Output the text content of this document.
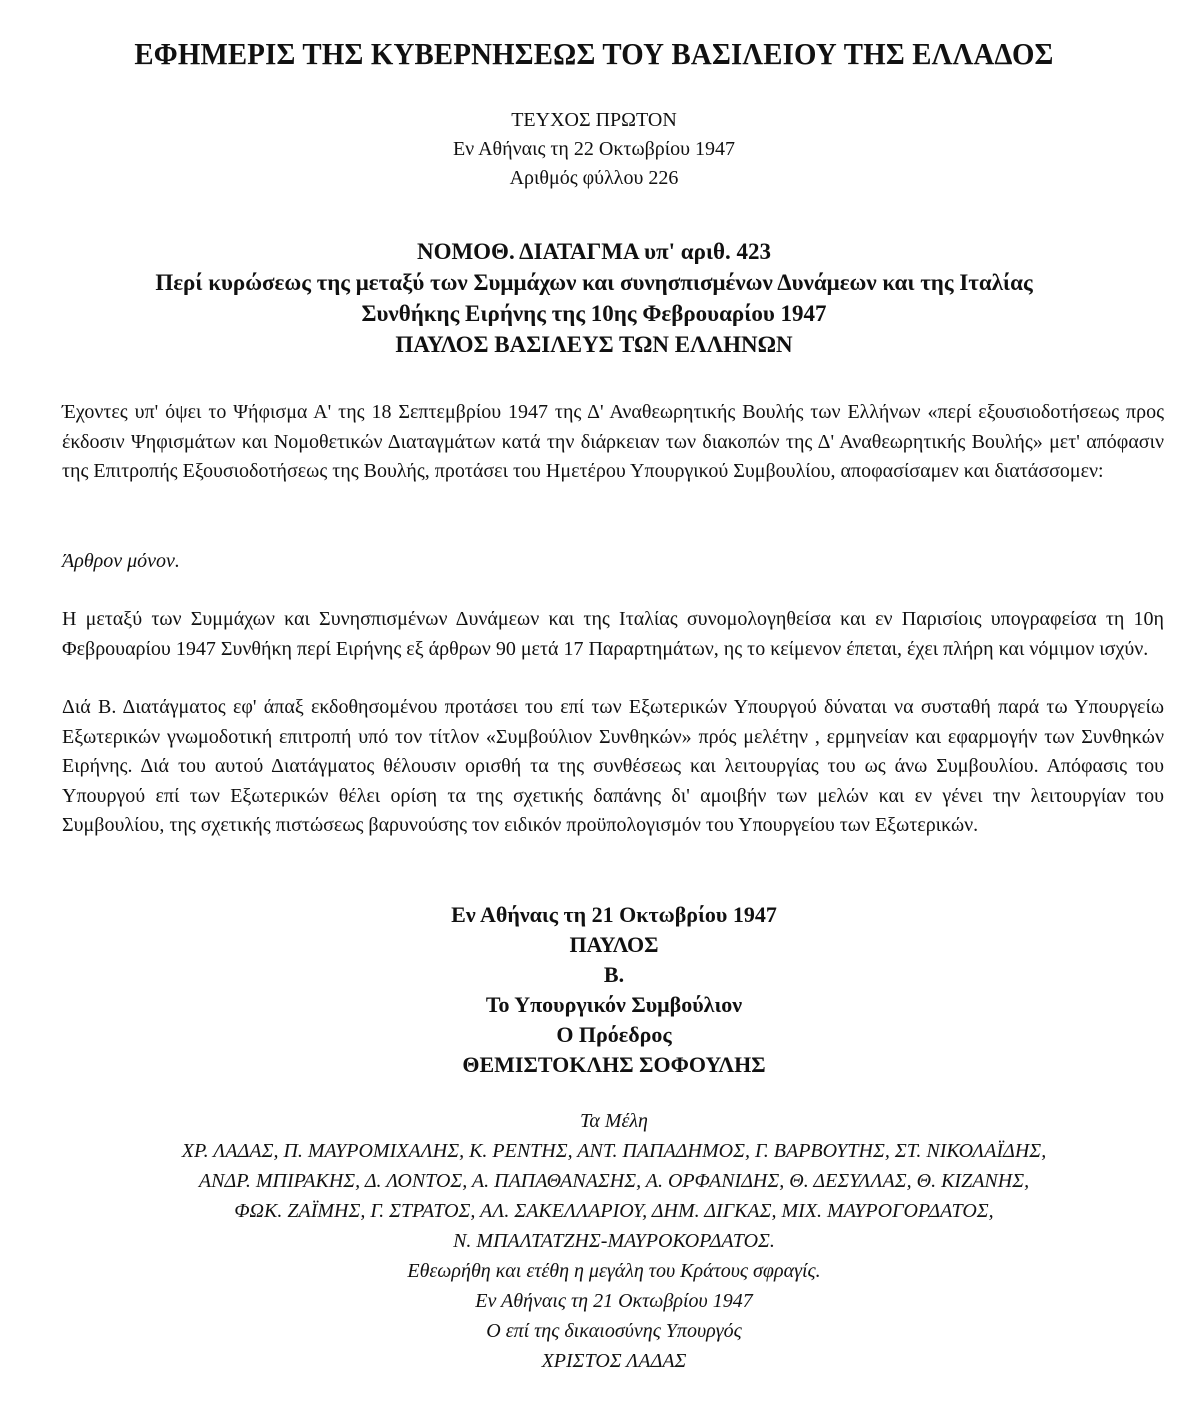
ΕΦΗΜΕΡΙΣ ΤΗΣ ΚΥΒΕΡΝΗΣΕΩΣ ΤΟΥ ΒΑΣΙΛΕΙΟΥ ΤΗΣ ΕΛΛΑΔΟΣ
ΤΕΥΧΟΣ ΠΡΩΤΟΝ
Εν Αθήναις τη 22 Οκτωβρίου 1947
Αριθμός φύλλου 226
ΝΟΜΟΘ. ΔΙΑΤΑΓΜΑ υπ' αριθ. 423
Περί κυρώσεως της μεταξύ των Συμμάχων και συνησπισμένων Δυνάμεων και της Ιταλίας
Συνθήκης Ειρήνης της 10ης Φεβρουαρίου 1947
ΠΑΥΛΟΣ ΒΑΣΙΛΕΥΣ ΤΩΝ ΕΛΛΗΝΩΝ

Έχοντες υπ' όψει το Ψήφισμα Α' της 18 Σεπτεμβρίου 1947 της Δ' Αναθεωρητικής Βουλής των Ελλήνων «περί εξουσιοδοτήσεως προς έκδοσιν Ψηφισμάτων και Νομοθετικών Διαταγμάτων κατά την διάρκειαν των διακοπών της Δ' Αναθεωρητικής Βουλής» μετ' απόφασιν της Επιτροπής Εξουσιοδοτήσεως της Βουλής, προτάσει του Ημετέρου Υπουργικού Συμβουλίου, αποφασίσαμεν και διατάσσομεν:

Άρθρον μόνον.

Η μεταξύ των Συμμάχων και Συνησπισμένων Δυνάμεων και της Ιταλίας συνομολογηθείσα και εν Παρισίοις υπογραφείσα τη 10η Φεβρουαρίου 1947 Συνθήκη περί Ειρήνης εξ άρθρων 90 μετά 17 Παραρτημάτων, ης το κείμενον έπεται, έχει πλήρη και νόμιμον ισχύν.

Διά Β. Διατάγματος εφ' άπαξ εκδοθησομένου προτάσει του επί των Εξωτερικών Υπουργού δύναται να συσταθή παρά τω Υπουργείω Εξωτερικών γνωμοδοτική επιτροπή υπό τον τίτλον «Συμβούλιον Συνθηκών» πρός μελέτην , ερμηνείαν και εφαρμογήν των Συνθηκών Ειρήνης. Διά του αυτού Διατάγματος θέλουσιν ορισθή τα της συνθέσεως και λειτουργίας του ως άνω Συμβουλίου. Απόφασις του Υπουργού επί των Εξωτερικών θέλει ορίση τα της σχετικής δαπάνης δι' αμοιβήν των μελών και εν γένει την λειτουργίαν του Συμβουλίου, της σχετικής πιστώσεως βαρυνούσης τον ειδικόν προϋπολογισμόν του Υπουργείου των Εξωτερικών.

Εν Αθήναις τη 21 Οκτωβρίου 1947
ΠΑΥΛΟΣ
Β.
Το Υπουργικόν Συμβούλιον
Ο Πρόεδρος
ΘΕΜΙΣΤΟΚΛΗΣ ΣΟΦΟΥΛΗΣ
Τα Μέλη
ΧΡ. ΛΑΔΑΣ, Π. ΜΑΥΡΟΜΙΧΑΛΗΣ, Κ. ΡΕΝΤΗΣ, ΑΝΤ. ΠΑΠΑΔΗΜΟΣ, Γ. ΒΑΡΒΟΥΤΗΣ, ΣΤ. ΝΙΚΟΛΑΪΔΗΣ,
ΑΝΔΡ. ΜΠΙΡΑΚΗΣ, Δ. ΛΟΝΤΟΣ, Α. ΠΑΠΑΘΑΝΑΣΗΣ, Α. ΟΡΦΑΝΙΔΗΣ, Θ. ΔΕΣΥΛΛΑΣ, Θ. ΚΙΖΑΝΗΣ,
ΦΩΚ. ΖΑΪΜΗΣ, Γ. ΣΤΡΑΤΟΣ, ΑΛ. ΣΑΚΕΛΛΑΡΙΟΥ, ΔΗΜ. ΔΙΓΚΑΣ, ΜΙΧ. ΜΑΥΡΟΓΟΡΔΑΤΟΣ,
Ν. ΜΠΑΛΤΑΤΖΗΣ-ΜΑΥΡΟΚΟΡΔΑΤΟΣ.
Εθεωρήθη και ετέθη η μεγάλη του Κράτους σφραγίς.
Εν Αθήναις τη 21 Οκτωβρίου 1947
Ο επί της δικαιοσύνης Υπουργός
ΧΡΙΣΤΟΣ ΛΑΔΑΣ
